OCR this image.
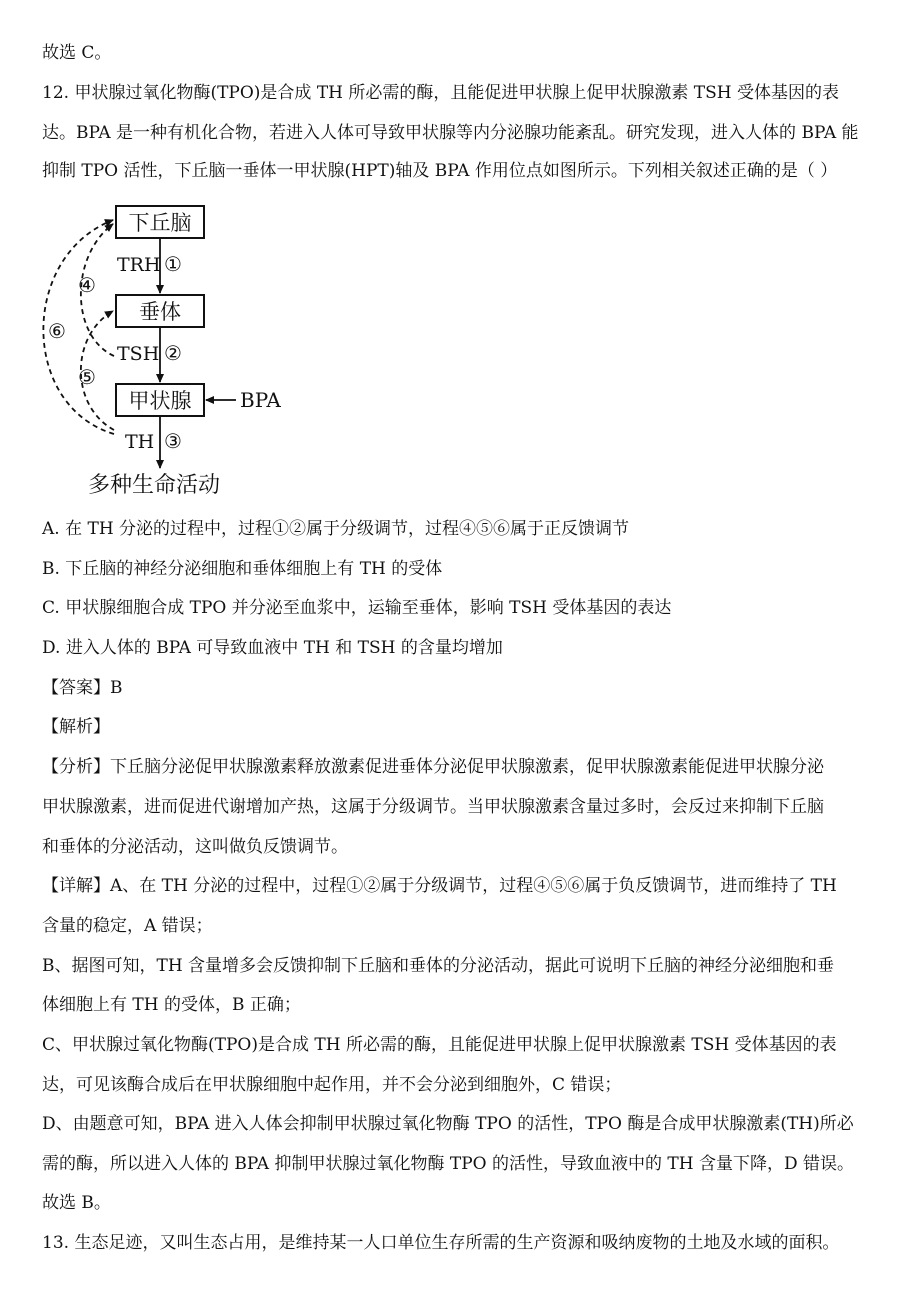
故选 C。
12. 甲状腺过氧化物酶(TPO)是合成 TH 所必需的酶，且能促进甲状腺上促甲状腺激素 TSH 受体基因的表
达。BPA 是一种有机化合物，若进入人体可导致甲状腺等内分泌腺功能紊乱。研究发现，进入人体的 BPA 能
抑制 TPO 活性，下丘脑一垂体一甲状腺(HPT)轴及 BPA 作用位点如图所示。下列相关叙述正确的是（ ）
下丘脑
垂体
甲状腺 BPA
TRH ①
TSH ②
TH ③
④
⑤
⑥
多种生命活动
A. 在 TH 分泌的过程中，过程①②属于分级调节，过程④⑤⑥属于正反馈调节
B. 下丘脑的神经分泌细胞和垂体细胞上有 TH 的受体
C. 甲状腺细胞合成 TPO 并分泌至血浆中，运输至垂体，影响 TSH 受体基因的表达
D. 进入人体的 BPA 可导致血液中 TH 和 TSH 的含量均增加
【答案】B
【解析】
【分析】下丘脑分泌促甲状腺激素释放激素促进垂体分泌促甲状腺激素，促甲状腺激素能促进甲状腺分泌
甲状腺激素，进而促进代谢增加产热，这属于分级调节。当甲状腺激素含量过多时，会反过来抑制下丘脑
和垂体的分泌活动，这叫做负反馈调节。
【详解】A、在 TH 分泌的过程中，过程①②属于分级调节，过程④⑤⑥属于负反馈调节，进而维持了 TH
含量的稳定，A 错误；
B、据图可知，TH 含量增多会反馈抑制下丘脑和垂体的分泌活动，据此可说明下丘脑的神经分泌细胞和垂
体细胞上有 TH 的受体，B 正确；
C、甲状腺过氧化物酶(TPO)是合成 TH 所必需的酶，且能促进甲状腺上促甲状腺激素 TSH 受体基因的表
达，可见该酶合成后在甲状腺细胞中起作用，并不会分泌到细胞外，C 错误；
D、由题意可知，BPA 进入人体会抑制甲状腺过氧化物酶 TPO 的活性，TPO 酶是合成甲状腺激素(TH)所必
需的酶，所以进入人体的 BPA 抑制甲状腺过氧化物酶 TPO 的活性，导致血液中的 TH 含量下降，D 错误。
故选 B。
13. 生态足迹，又叫生态占用，是维持某一人口单位生存所需的生产资源和吸纳废物的土地及水域的面积。
